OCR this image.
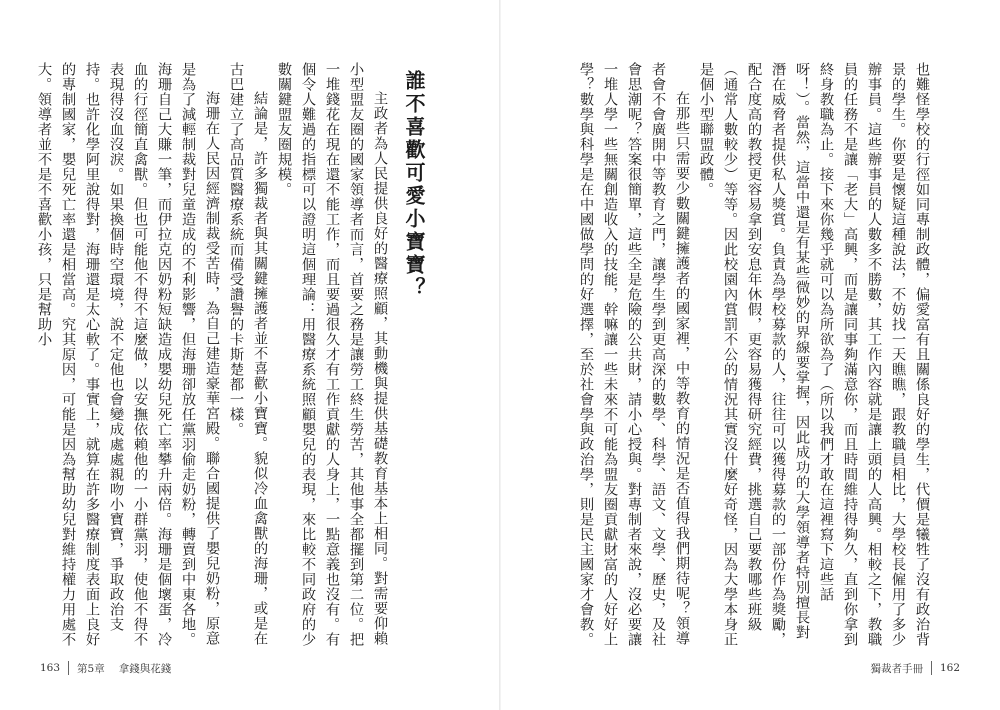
誰不喜歡可愛小寶寶？

主政者為人民提供良好的醫療照顧，其動機與提供基礎教育基本上相同。對需要仰賴小型盟友圈的國家領導者而言，首要之務是讓勞工終生勞苦，其他事全都擺到第二位。把一堆錢花在現在還不能工作，而且要過很久才有工作貢獻的人身上，一點意義也沒有。有個令人難過的指標可以證明這個理論：用醫療系統照顧嬰兒的表現，來比較不同政府的少數關鍵盟友圈規模。

結論是，許多獨裁者與其關鍵擁護者並不喜歡小寶寶。貌似冷血禽獸的海珊，或是在古巴建立了高品質醫療系統而備受讚譽的卡斯楚都一樣。

海珊在人民因經濟制裁受苦時，為自己建造豪華宮殿。聯合國提供了嬰兒奶粉，原意是為了減輕制裁對兒童造成的不利影響，但海珊卻放任黨羽偷走奶粉，轉賣到中東各地。海珊自己大賺一筆，而伊拉克因奶粉短缺造成嬰幼兒死亡率攀升兩倍。海珊是個壞蛋，冷血的行徑簡直禽獸。但也可能他不得不這麼做，以安撫依賴他的一小群黨羽，使他不得不表現得沒血沒淚。如果換個時空環境，說不定他也會變成處處親吻小寶寶，爭取政治支持。也許化學阿里說得對，海珊還是太心軟了。事實上，就算在許多醫療制度表面上良好的專制國家，嬰兒死亡率還是相當高。究其原因，可能是因為幫助幼兒對維持權力用處不大。領導者並不是不喜歡小孩，只是幫助小

163 第5章 拿錢與花錢

也難怪學校的行徑如同專制政體，偏愛富有且關係良好的學生，代價是犧牲了沒有政治背景的學生。你要是懷疑這種說法，不妨找一天瞧瞧，跟教職員相比，大學校長僱用了多少辦事員。這些辦事員的人數多不勝數，其工作內容就是讓上頭的人高興。相較之下，教職員的任務不是讓「老大」高興，而是讓同事夠滿意你，而且時間維持得夠久，直到你拿到終身教職為止。接下來你幾乎就可以為所欲為了（所以我們才敢在這裡寫下這些話呀！）。當然，這當中還是有某些微妙的界線要掌握，因此成功的大學領導者特別擅長對潛在威脅者提供私人獎賞。負責為學校募款的人，往往可以獲得募款的一部份作為獎勵，配合度高的教授更容易拿到安息年休假，更容易獲得研究經費，挑選自己要教哪些班級（通常人數較少）等等。因此校園內賞罰不公的情況其實沒什麼好奇怪，因為大學本身正是個小型聯盟政體。

在那些只需要少數關鍵擁護者的國家裡，中等教育的情況是否值得我們期待呢？領導者會不會廣開中等教育之門，讓學生學到更高深的數學、科學、語文、文學、歷史，及社會思潮呢？答案很簡單，這些全是危險的公共財，請小心授與。對專制者來說，沒必要讓一堆人學一些無關創造收入的技能，幹嘛讓一些未來不可能為盟友圈貢獻財富的人好好上學？數學與科學是在中國做學問的好選擇，至於社會學與政治學，則是民主國家才會教。

獨裁者手冊 162
